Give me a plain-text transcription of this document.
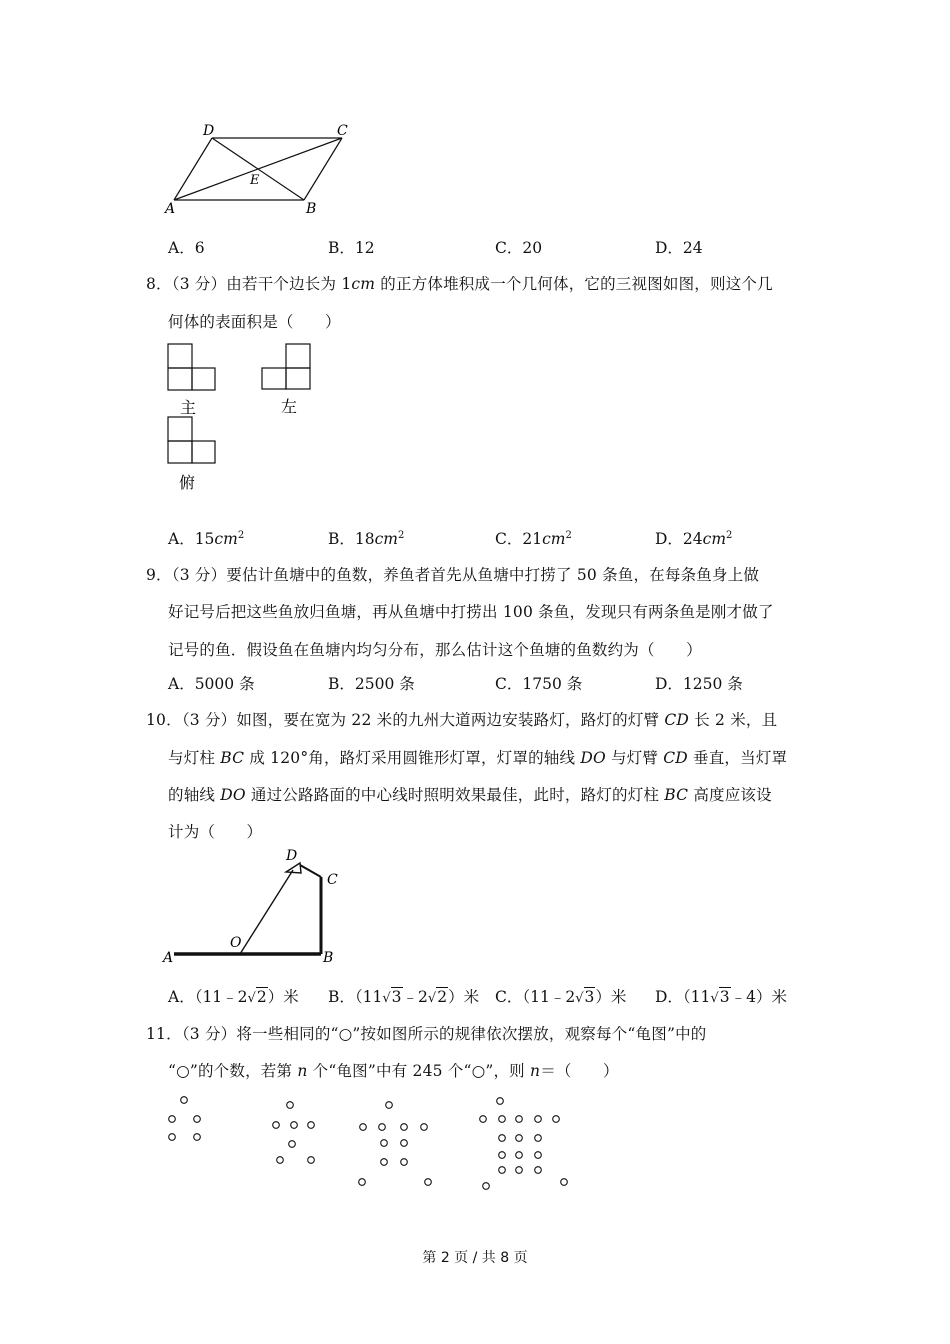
D	C
E
A	B
A．6	B．12	C．20	D．24
8．（3 分）由若干个边长为 1cm 的正方体堆积成一个几何体，它的三视图如图，则这个几
何体的表面积是（　　）
主	左
俯
A．$15cm^2$	B．$18cm^2$	C．$21cm^2$	D．$24cm^2$
9．（3 分）要估计鱼塘中的鱼数，养鱼者首先从鱼塘中打捞了 50 条鱼，在每条鱼身上做
好记号后把这些鱼放归鱼塘，再从鱼塘中打捞出 100 条鱼，发现只有两条鱼是刚才做了
记号的鱼．假设鱼在鱼塘内均匀分布，那么估计这个鱼塘的鱼数约为（　　）
A．5000 条	B．2500 条	C．1750 条	D．1250 条
10．（3 分）如图，要在宽为 22 米的九州大道两边安装路灯，路灯的灯臂 CD 长 2 米，且
与灯柱 BC 成 120°角，路灯采用圆锥形灯罩，灯罩的轴线 DO 与灯臂 CD 垂直，当灯罩
的轴线 DO 通过公路路面的中心线时照明效果最佳，此时，路灯的灯柱 BC 高度应该设
计为（　　）
D
C
O
A	B
A．（11﹣2√2）米 B．（11√3﹣2√2）米 C．（11﹣2√3）米 D．（11√3﹣4）米
11．（3 分）将一些相同的“○”按如图所示的规律依次摆放，观察每个“龟图”中的
“○”的个数，若第 n 个“龟图”中有 245 个“○”，则 n＝（　　）
第 2 页 / 共 8 页
